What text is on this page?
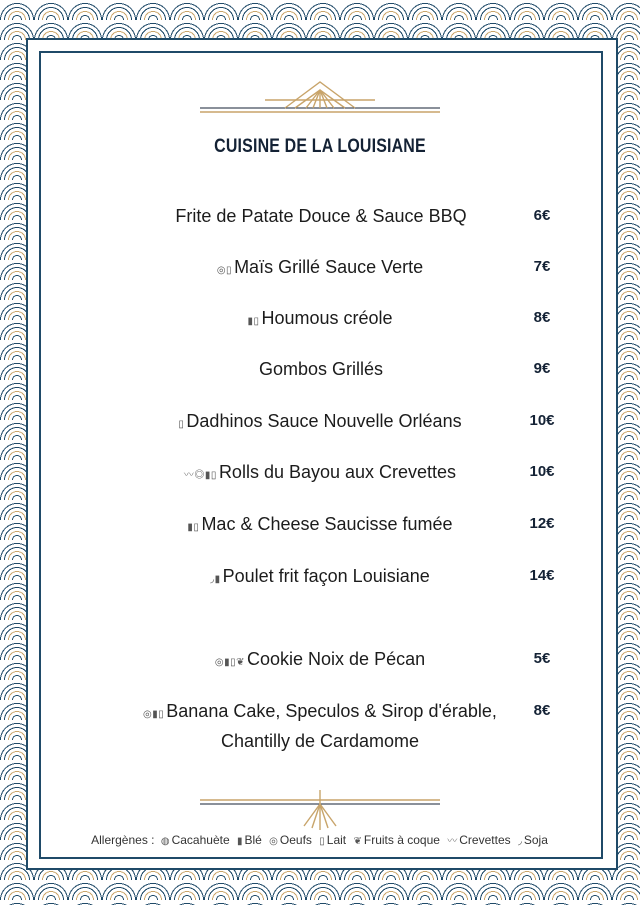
CUISINE DE LA LOUISIANE
Frite de Patate Douce & Sauce BBQ	6€
◎▯ Maïs Grillé Sauce Verte	7€
▮▯ Houmous créole	8€
Gombos Grillés	9€
▯ Dadhinos Sauce Nouvelle Orléans	10€
〰◎▮▯ Rolls du Bayou aux Crevettes	10€
▮▯ Mac & Cheese Saucisse fumée	12€
◞▮ Poulet frit façon Louisiane	14€
◎▮▯❦ Cookie Noix de Pécan	5€
◎▮▯ Banana Cake, Speculos & Sirop d'érable,
Chantilly de Cardamome
8€
Allergènes : ◍ Cacahuète ▮ Blé ◎ Oeufs ▯ Lait ❦ Fruits à coque 〰 Crevettes ◞ Soja
